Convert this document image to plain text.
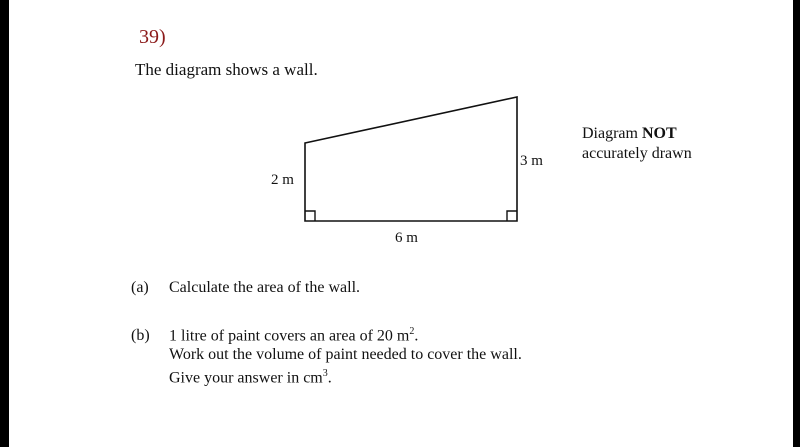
39)
The diagram shows a wall.
2 m
3 m
6 m
Diagram NOT
accurately drawn
(a) Calculate the area of the wall.
(b) 1 litre of paint covers an area of 20 $m^2$.
Work out the volume of paint needed to cover the wall.
Give your answer in $cm^3$.
